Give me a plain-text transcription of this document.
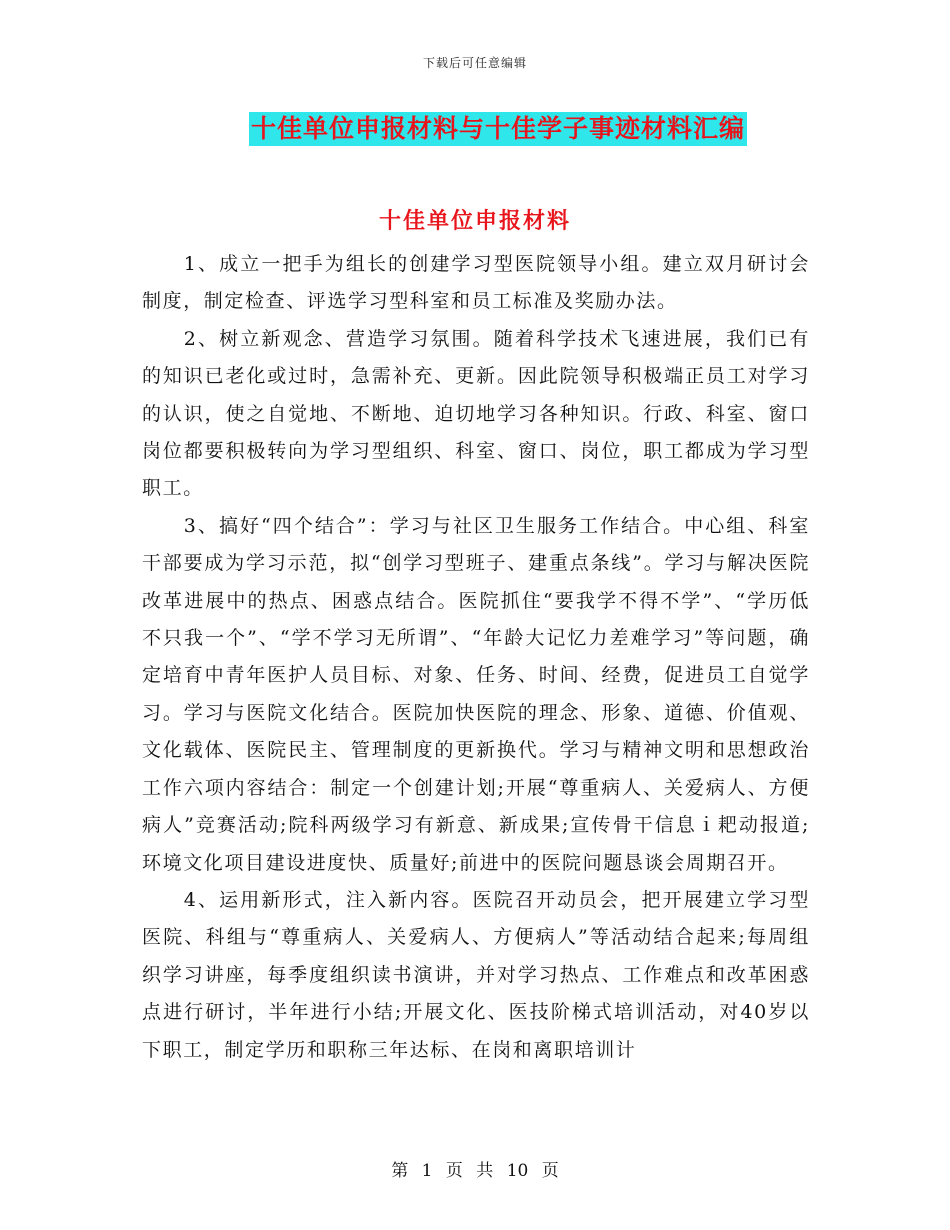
下载后可任意编辑
十佳单位申报材料与十佳学子事迹材料汇编
十佳单位申报材料

1、成立一把手为组长的创建学习型医院领导小组。建立双月研讨会制度，制定检查、评选学习型科室和员工标准及奖励办法。

2、树立新观念、营造学习氛围。随着科学技术飞速进展，我们已有的知识已老化或过时，急需补充、更新。因此院领导积极端正员工对学习的认识，使之自觉地、不断地、迫切地学习各种知识。行政、科室、窗口岗位都要积极转向为学习型组织、科室、窗口、岗位，职工都成为学习型职工。

3、搞好“四个结合”：学习与社区卫生服务工作结合。中心组、科室干部要成为学习示范，拟“创学习型班子、建重点条线”。学习与解决医院改革进展中的热点、困惑点结合。医院抓住“要我学不得不学”、“学历低不只我一个”、“学不学习无所谓”、“年龄大记忆力差难学习”等问题，确定培育中青年医护人员目标、对象、任务、时间、经费，促进员工自觉学习。学习与医院文化结合。医院加快医院的理念、形象、道德、价值观、文化载体、医院民主、管理制度的更新换代。学习与精神文明和思想政治工作六项内容结合：制定一个创建计划;开展“尊重病人、关爱病人、方便病人”竞赛活动;院科两级学习有新意、新成果;宣传骨干信息ｉ耙动报道;环境文化项目建设进度快、质量好;前进中的医院问题恳谈会周期召开。

4、运用新形式，注入新内容。医院召开动员会，把开展建立学习型医院、科组与“尊重病人、关爱病人、方便病人”等活动结合起来;每周组织学习讲座，每季度组织读书演讲，并对学习热点、工作难点和改革困惑点进行研讨，半年进行小结;开展文化、医技阶梯式培训活动，对40岁以下职工，制定学历和职称三年达标、在岗和离职培训计

第 1 页 共 10 页
